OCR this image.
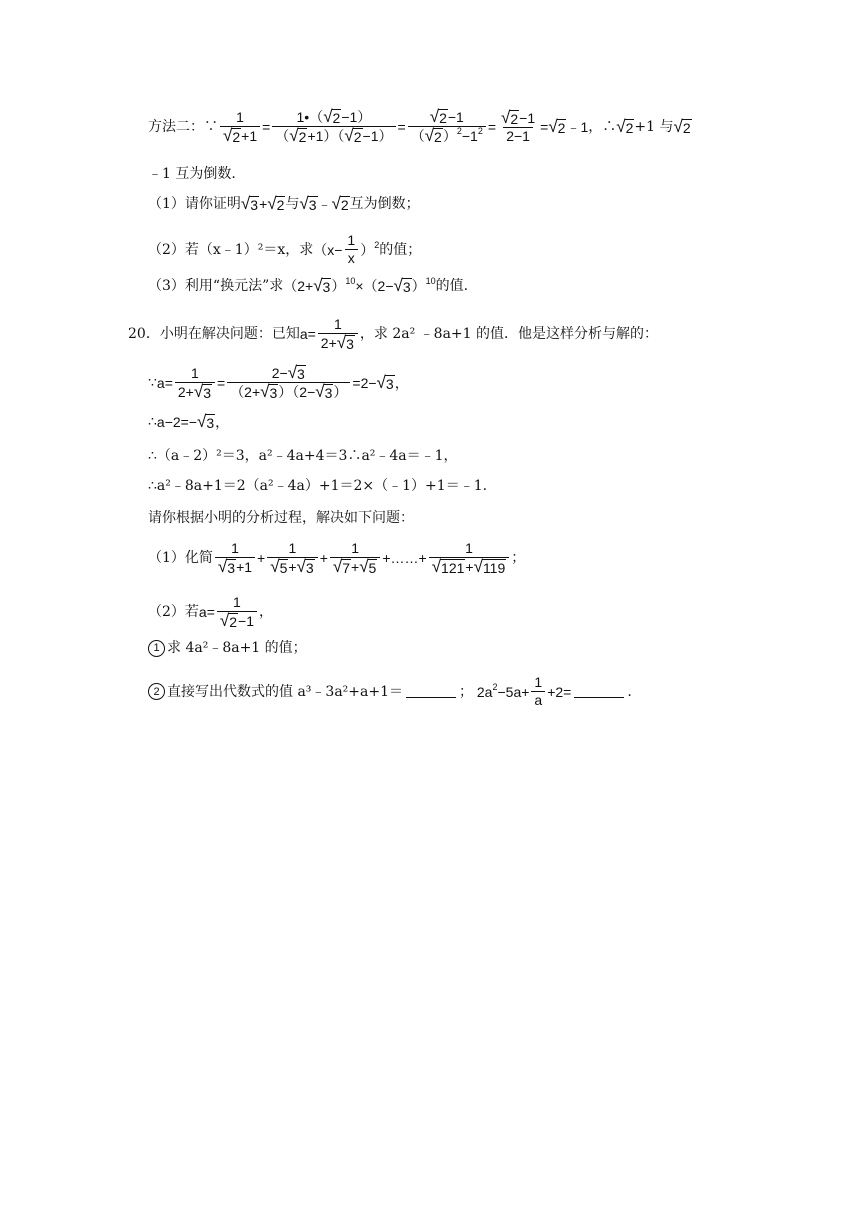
方法二：∵ $\frac{1}{√ 2 +1} = \frac{1•( √ 2 -1)}{( √ 2 +1)( √ 2 -1)} = \frac{√ 2 -1}{( √ 2 )^2-1^2} = \frac{√ 2 -1}{2-1}$ = √ 2 ﹣1 ，∴ √ 2 +1 与 √ 2
﹣1 互为倒数.
（1）请你证明 √ 3 + √ 2 与 √ 3 ﹣ √ 2 互为倒数；
（2）若（x﹣1）²＝x，求 $(x- \frac{1}{x} )^2$ 的值；
（3）利用“换元法”求 （2+ √ 3 ）$^{10}$×（2− √ 3 ）$^{10}$ 的值.
20． 小明在解决问题：已知 $a= \frac{1}{2+ √ 3}$ ，求 2a² ﹣8a+1 的值．他是这样分析与解的：
∵ $a= \frac{1}{2+ √ 3} = \frac{2- √ 3}{(2+ √ 3 )(2- √ 3 )} =2-$ √ 3 ，
∴ a−2=− √ 3 ，
∴（a﹣2）²＝3，a²﹣4a+4＝3∴a²﹣4a＝﹣1，
∴a²﹣8a+1＝2（a²﹣4a）+1＝2×（﹣1）+1＝﹣1.
请你根据小明的分析过程，解决如下问题：
（1）化简 $\frac{1}{√ 3 +1} + \frac{1}{√ 5 + √ 3} + \frac{1}{√ 7 + √ 5}$ +……+ $\frac{1}{√ 121 + √ 119}$ ；
（2）若 $a= \frac{1}{√ 2 -1}$ ，
1 求 4a²﹣8a+1 的值；
2 直接写出代数式的值 a³﹣3a²+a+1＝	； $2a^2-5a+ \frac{1}{a} +2=$	.
